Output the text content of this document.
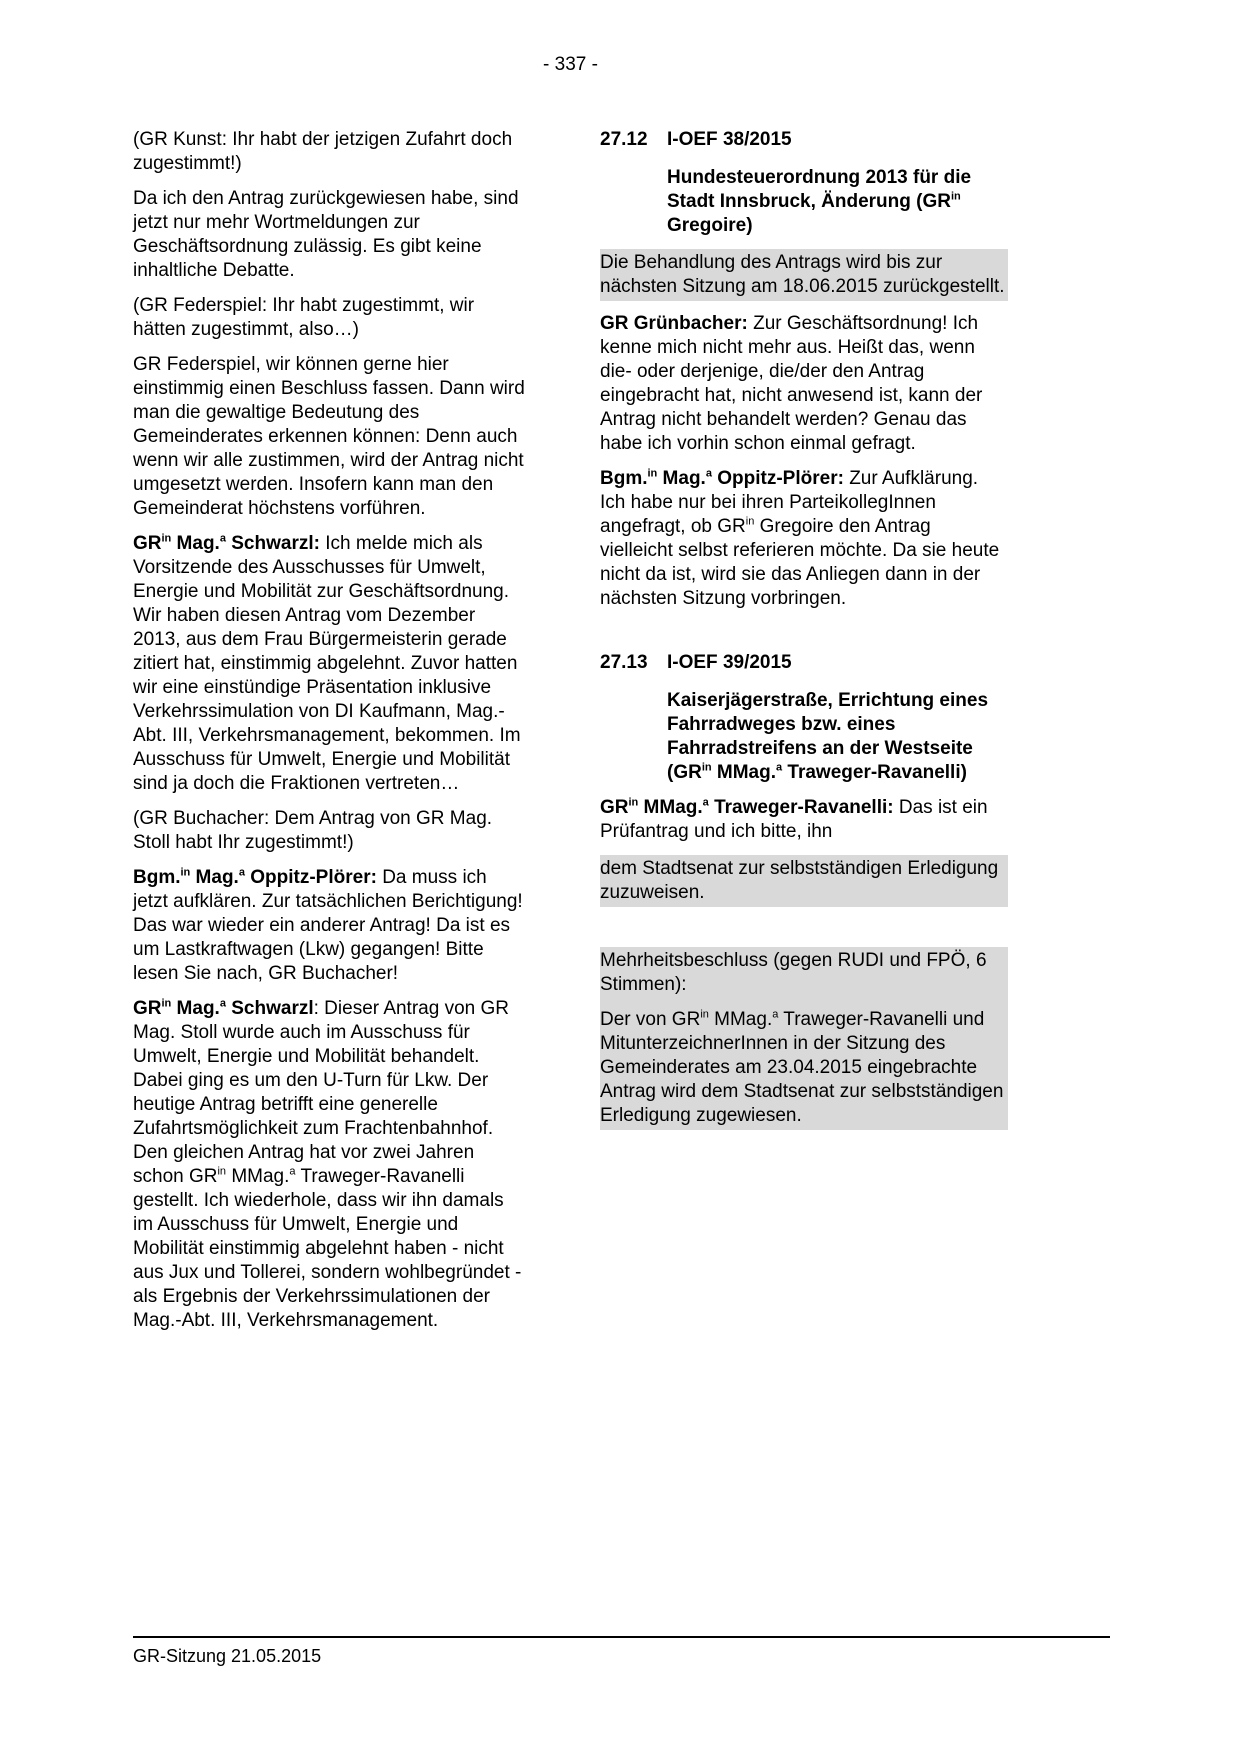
- 337 -

(GR Kunst: Ihr habt der jetzigen Zufahrt doch zugestimmt!)

Da ich den Antrag zurückgewiesen habe, sind jetzt nur mehr Wortmeldungen zur Geschäftsordnung zulässig. Es gibt keine inhaltliche Debatte.

(GR Federspiel: Ihr habt zugestimmt, wir hätten zugestimmt, also…)

GR Federspiel, wir können gerne hier einstimmig einen Beschluss fassen. Dann wird man die gewaltige Bedeutung des Gemeinderates erkennen können: Denn auch wenn wir alle zustimmen, wird der Antrag nicht umgesetzt werden. Insofern kann man den Gemeinderat höchstens vorführen.

$GR^{in}$ Mag.$^a$ Schwarzl: Ich melde mich als Vorsitzende des Ausschusses für Umwelt, Energie und Mobilität zur Geschäftsordnung. Wir haben diesen Antrag vom Dezember 2013, aus dem Frau Bürgermeisterin gerade zitiert hat, einstimmig abgelehnt. Zuvor hatten wir eine einstündige Präsentation inklusive Verkehrssimulation von DI Kaufmann, Mag.-Abt. III, Verkehrsmanagement, bekommen. Im Ausschuss für Umwelt, Energie und Mobilität sind ja doch die Fraktionen vertreten…

(GR Buchacher: Dem Antrag von GR Mag. Stoll habt Ihr zugestimmt!)

Bgm.$^{in}$ Mag.$^a$ Oppitz-Plörer: Da muss ich jetzt aufklären. Zur tatsächlichen Berichtigung! Das war wieder ein anderer Antrag! Da ist es um Lastkraftwagen (Lkw) gegangen! Bitte lesen Sie nach, GR Buchacher!

$GR^{in}$ Mag.$^a$ Schwarzl: Dieser Antrag von GR Mag. Stoll wurde auch im Ausschuss für Umwelt, Energie und Mobilität behandelt. Dabei ging es um den U-Turn für Lkw. Der heutige Antrag betrifft eine generelle Zufahrtsmöglichkeit zum Frachtenbahnhof. Den gleichen Antrag hat vor zwei Jahren schon $GR^{in}$ MMag.$^a$ Traweger-Ravanelli gestellt. Ich wiederhole, dass wir ihn damals im Ausschuss für Umwelt, Energie und Mobilität einstimmig abgelehnt haben - nicht aus Jux und Tollerei, sondern wohlbegründet - als Ergebnis der Verkehrssimulationen der Mag.-Abt. III, Verkehrsmanagement.

27.12	I-OEF 38/2015

Hundesteuerordnung 2013 für die Stadt Innsbruck, Änderung ($GR^{in}$ Gregoire)

Die Behandlung des Antrags wird bis zur nächsten Sitzung am 18.06.2015 zurückgestellt.

GR Grünbacher: Zur Geschäftsordnung! Ich kenne mich nicht mehr aus. Heißt das, wenn die- oder derjenige, die/der den Antrag eingebracht hat, nicht anwesend ist, kann der Antrag nicht behandelt werden? Genau das habe ich vorhin schon einmal gefragt.

Bgm.$^{in}$ Mag.$^a$ Oppitz-Plörer: Zur Aufklärung. Ich habe nur bei ihren ParteikollegInnen angefragt, ob $GR^{in}$ Gregoire den Antrag vielleicht selbst referieren möchte. Da sie heute nicht da ist, wird sie das Anliegen dann in der nächsten Sitzung vorbringen.

27.13	I-OEF 39/2015

Kaiserjägerstraße, Errichtung eines Fahrradweges bzw. eines Fahrradstreifens an der Westseite ($GR^{in}$ MMag.$^a$ Traweger-Ravanelli)

$GR^{in}$ MMag.$^a$ Traweger-Ravanelli: Das ist ein Prüfantrag und ich bitte, ihn

dem Stadtsenat zur selbstständigen Erledigung zuzuweisen.

Mehrheitsbeschluss (gegen RUDI und FPÖ, 6 Stimmen):

Der von $GR^{in}$ MMag.$^a$ Traweger-Ravanelli und MitunterzeichnerInnen in der Sitzung des Gemeinderates am 23.04.2015 eingebrachte Antrag wird dem Stadtsenat zur selbstständigen Erledigung zugewiesen.

GR-Sitzung 21.05.2015
